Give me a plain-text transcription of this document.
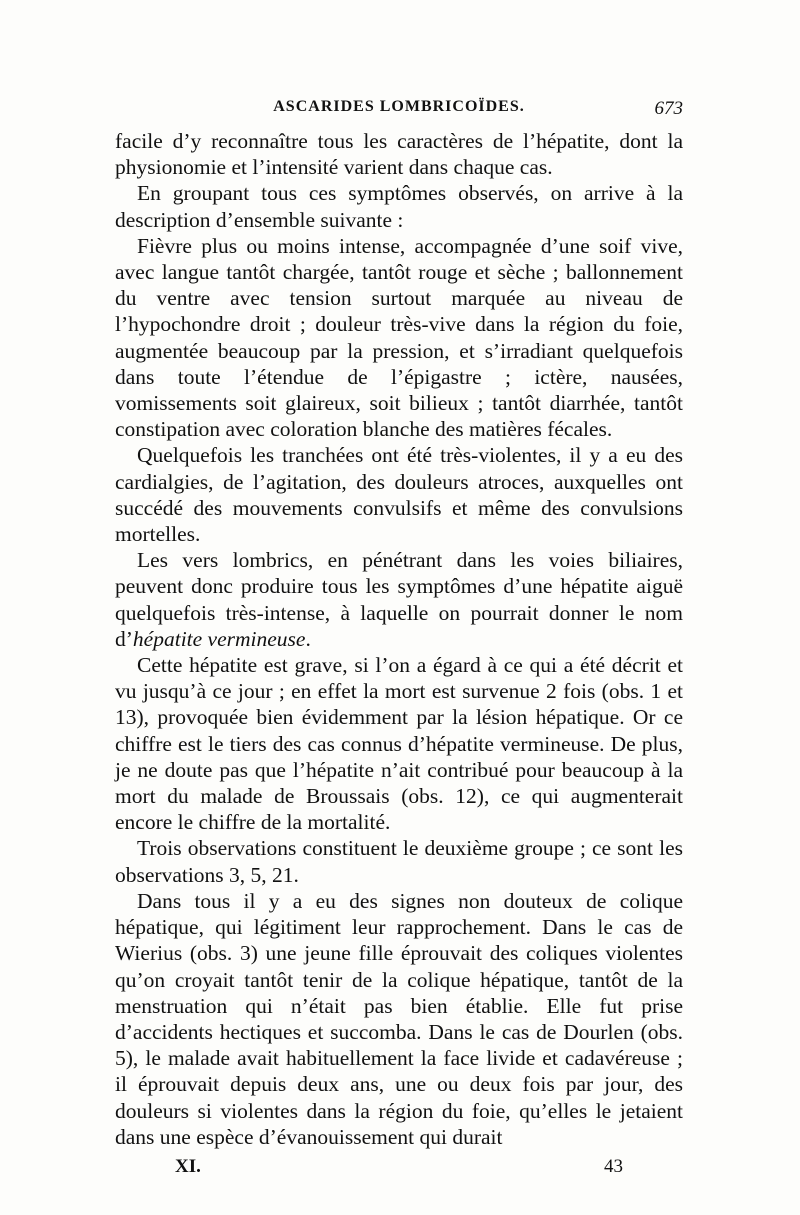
ASCARIDES LOMBRICOÏDES.	673

facile d’y reconnaître tous les caractères de l’hépatite, dont la physionomie et l’intensité varient dans chaque cas.

En groupant tous ces symptômes observés, on arrive à la description d’ensemble suivante :

Fièvre plus ou moins intense, accompagnée d’une soif vive, avec langue tantôt chargée, tantôt rouge et sèche ; ballonnement du ventre avec tension surtout marquée au niveau de l’hypochondre droit ; douleur très-vive dans la région du foie, augmentée beaucoup par la pression, et s’irradiant quelquefois dans toute l’étendue de l’épigastre ; ictère, nausées, vomissements soit glaireux, soit bilieux ; tantôt diarrhée, tantôt constipation avec coloration blanche des matières fécales.

Quelquefois les tranchées ont été très-violentes, il y a eu des cardialgies, de l’agitation, des douleurs atroces, auxquelles ont succédé des mouvements convulsifs et même des convulsions mortelles.

Les vers lombrics, en pénétrant dans les voies biliaires, peuvent donc produire tous les symptômes d’une hépatite aiguë quelquefois très-intense, à laquelle on pourrait donner le nom d’hépatite vermineuse.

Cette hépatite est grave, si l’on a égard à ce qui a été décrit et vu jusqu’à ce jour ; en effet la mort est survenue 2 fois (obs. 1 et 13), provoquée bien évidemment par la lésion hépatique. Or ce chiffre est le tiers des cas connus d’hépatite vermineuse. De plus, je ne doute pas que l’hépatite n’ait contribué pour beaucoup à la mort du malade de Broussais (obs. 12), ce qui augmenterait encore le chiffre de la mortalité.

Trois observations constituent le deuxième groupe ; ce sont les observations 3, 5, 21.

Dans tous il y a eu des signes non douteux de colique hépatique, qui légitiment leur rapprochement. Dans le cas de Wierius (obs. 3) une jeune fille éprouvait des coliques violentes qu’on croyait tantôt tenir de la colique hépatique, tantôt de la menstruation qui n’était pas bien établie. Elle fut prise d’accidents hectiques et succomba. Dans le cas de Dourlen (obs. 5), le malade avait habituellement la face livide et cadavéreuse ; il éprouvait depuis deux ans, une ou deux fois par jour, des douleurs si violentes dans la région du foie, qu’elles le jetaient dans une espèce d’évanouissement qui durait

XI.	43
